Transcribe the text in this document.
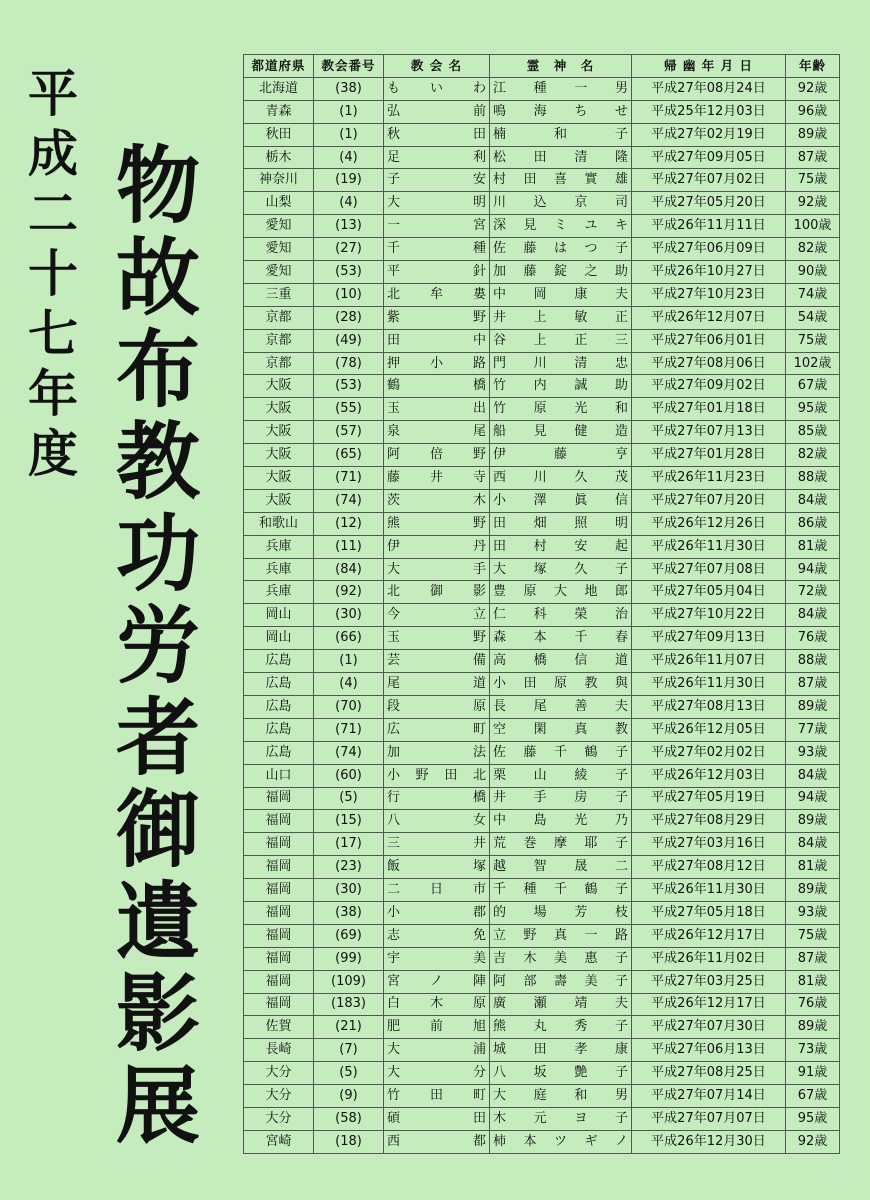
平成二十七年度
物故布教功労者御遺影展
都道府県	教会番号	教 会 名	霊　神　名	帰 幽 年 月 日	年齢
北海道	(38)	も い わ	江 種 一 男	平成27年08月24日	92歳
青森	(1)	弘 前	鳴 海 ち せ	平成25年12月03日	96歳
秋田	(1)	秋 田	楠 和 子	平成27年02月19日	89歳
栃木	(4)	足 利	松 田 清 隆	平成27年09月05日	87歳
神奈川	(19)	子 安	村 田 喜 實 雄	平成27年07月02日	75歳
山梨	(4)	大 明	川 込 京 司	平成27年05月20日	92歳
愛知	(13)	一 宮	深 見 ミ ユ キ	平成26年11月11日	100歳
愛知	(27)	千 種	佐 藤 は つ 子	平成27年06月09日	82歳
愛知	(53)	平 針	加 藤 錠 之 助	平成26年10月27日	90歳
三重	(10)	北 牟 婁	中 岡 康 夫	平成27年10月23日	74歳
京都	(28)	紫 野	井 上 敏 正	平成26年12月07日	54歳
京都	(49)	田 中	谷 上 正 三	平成27年06月01日	75歳
京都	(78)	押 小 路	門 川 清 忠	平成27年08月06日	102歳
大阪	(53)	鶴 橋	竹 内 誠 助	平成27年09月02日	67歳
大阪	(55)	玉 出	竹 原 光 和	平成27年01月18日	95歳
大阪	(57)	泉 尾	船 見 健 造	平成27年07月13日	85歳
大阪	(65)	阿 倍 野	伊 藤 亨	平成27年01月28日	82歳
大阪	(71)	藤 井 寺	西 川 久 茂	平成26年11月23日	88歳
大阪	(74)	茨 木	小 澤 眞 信	平成27年07月20日	84歳
和歌山	(12)	熊 野	田 畑 照 明	平成26年12月26日	86歳
兵庫	(11)	伊 丹	田 村 安 起	平成26年11月30日	81歳
兵庫	(84)	大 手	大 塚 久 子	平成27年07月08日	94歳
兵庫	(92)	北 御 影	豊 原 大 地 郎	平成27年05月04日	72歳
岡山	(30)	今 立	仁 科 榮 治	平成27年10月22日	84歳
岡山	(66)	玉 野	森 本 千 春	平成27年09月13日	76歳
広島	(1)	芸 備	高 橋 信 道	平成26年11月07日	88歳
広島	(4)	尾 道	小 田 原 教 與	平成26年11月30日	87歳
広島	(70)	段 原	長 尾 善 夫	平成27年08月13日	89歳
広島	(71)	広 町	空 閑 真 教	平成26年12月05日	77歳
広島	(74)	加 法	佐 藤 千 鶴 子	平成27年02月02日	93歳
山口	(60)	小 野 田 北	栗 山 綾 子	平成26年12月03日	84歳
福岡	(5)	行 橋	井 手 房 子	平成27年05月19日	94歳
福岡	(15)	八 女	中 島 光 乃	平成27年08月29日	89歳
福岡	(17)	三 井	荒 巻 摩 耶 子	平成27年03月16日	84歳
福岡	(23)	飯 塚	越 智 晟 二	平成27年08月12日	81歳
福岡	(30)	二 日 市	千 種 千 鶴 子	平成26年11月30日	89歳
福岡	(38)	小 郡	的 場 芳 枝	平成27年05月18日	93歳
福岡	(69)	志 免	立 野 真 一 路	平成26年12月17日	75歳
福岡	(99)	宇 美	吉 木 美 惠 子	平成26年11月02日	87歳
福岡	(109)	宮 ノ 陣	阿 部 壽 美 子	平成27年03月25日	81歳
福岡	(183)	白 木 原	廣 瀬 靖 夫	平成26年12月17日	76歳
佐賀	(21)	肥 前 旭	熊 丸 秀 子	平成27年07月30日	89歳
長崎	(7)	大 浦	城 田 孝 康	平成27年06月13日	73歳
大分	(5)	大 分	八 坂 艶 子	平成27年08月25日	91歳
大分	(9)	竹 田 町	大 庭 和 男	平成27年07月14日	67歳
大分	(58)	碩 田	木 元 ヨ 子	平成27年07月07日	95歳
宮崎	(18)	西 都	柿 本 ツ ギ ノ	平成26年12月30日	92歳
